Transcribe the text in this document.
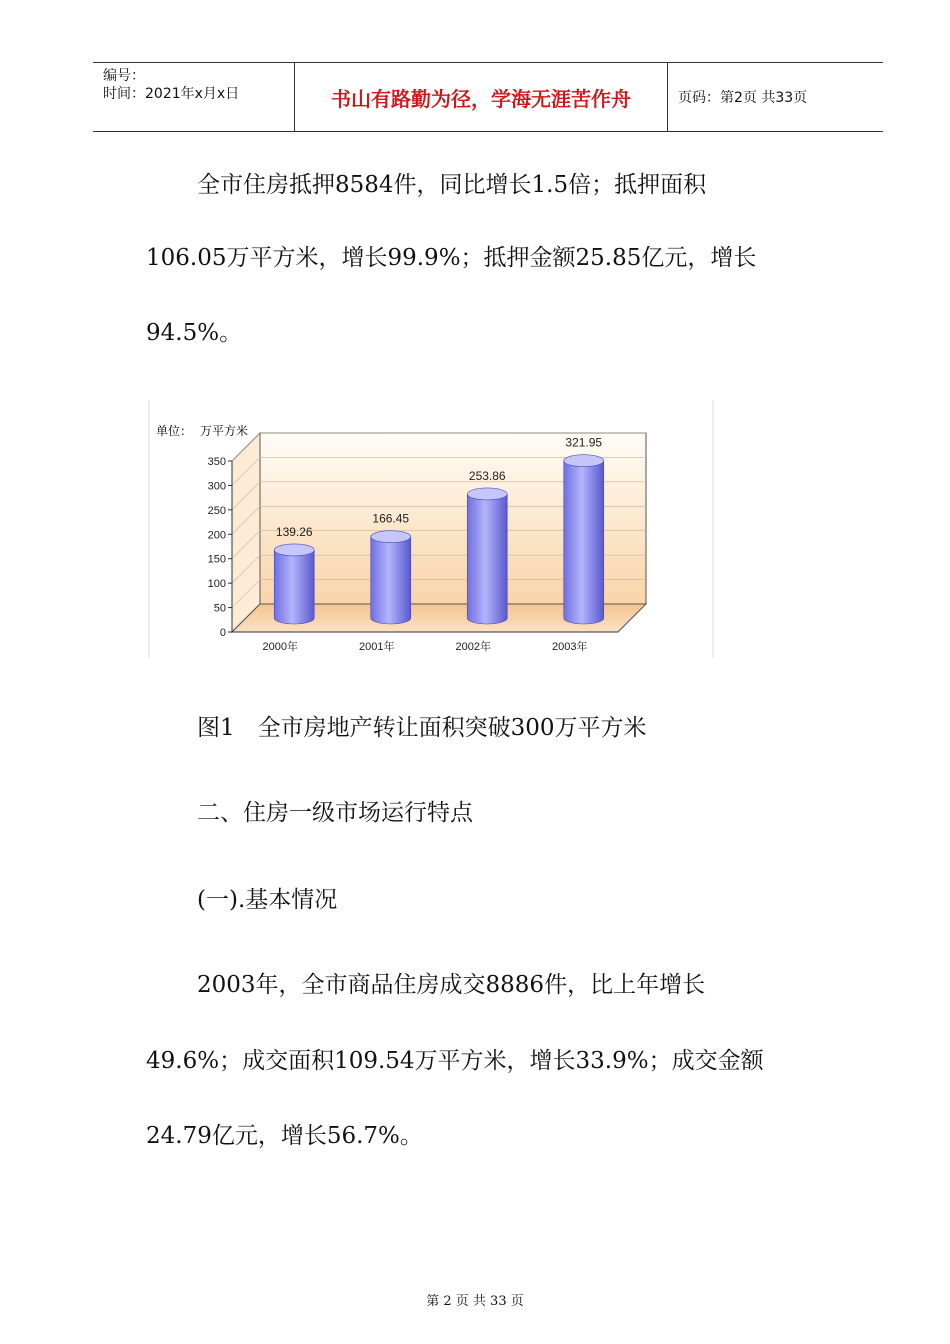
编号：
时间：2021年x月x日	书山有路勤为径，学海无涯苦作舟	页码：第2页 共33页
全市住房抵押8584件，同比增长1.5倍；抵押面积
106.05万平方米，增长99.9%；抵押金额25.85亿元，增长
94.5%。
0
50
100
150
200
250
300
350
139.26
2000年
166.45
2001年
253.86
2002年
321.95
2003年
单位： 万平方米
图1　全市房地产转让面积突破300万平方米
二、住房一级市场运行特点
(一).基本情况
2003年，全市商品住房成交8886件，比上年增长
49.6%；成交面积109.54万平方米，增长33.9%；成交金额
24.79亿元，增长56.7%。
第 2 页 共 33 页
